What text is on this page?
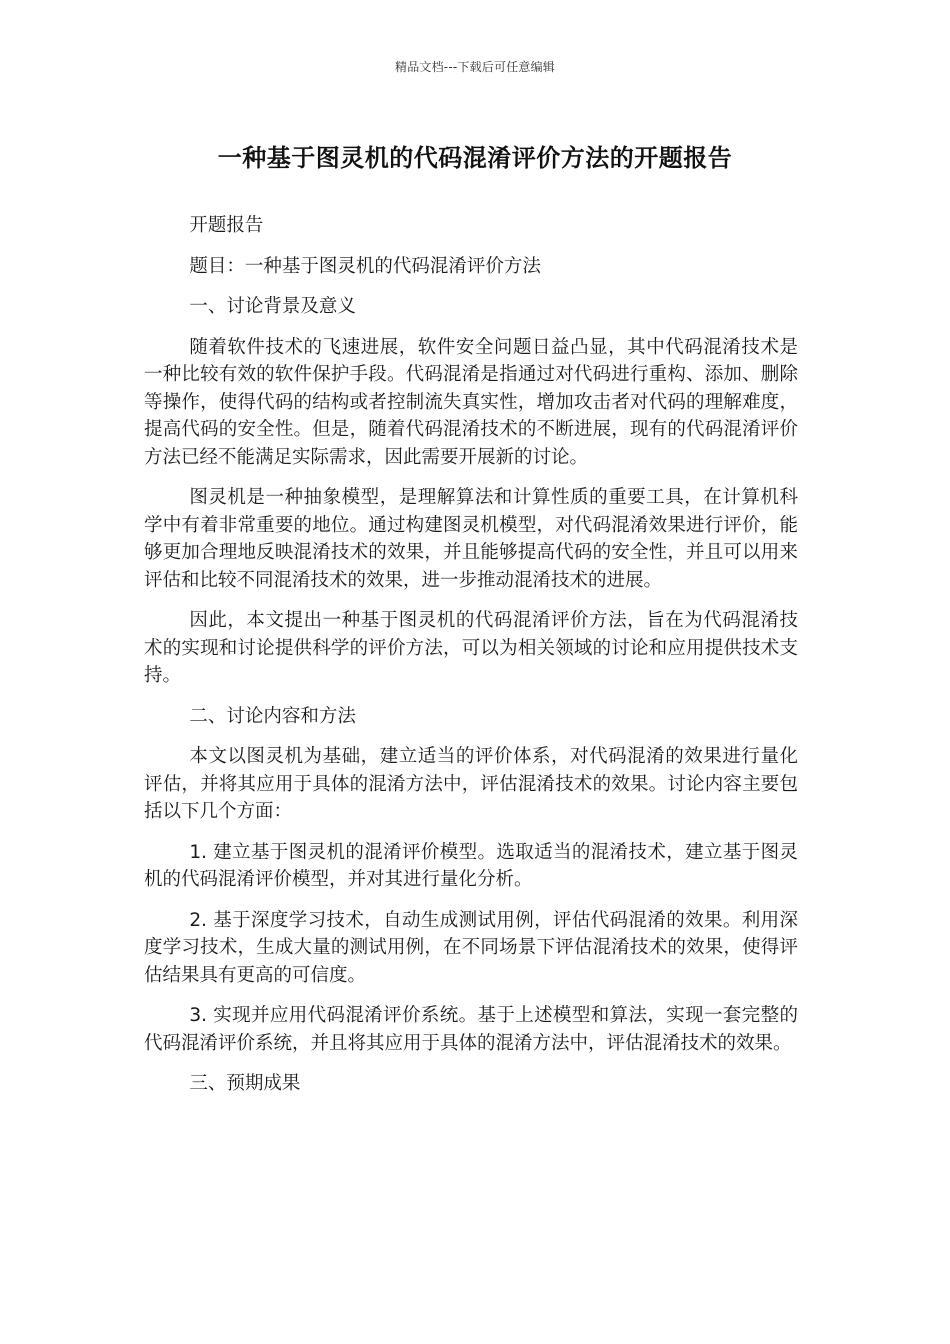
精品文档---下载后可任意编辑
一种基于图灵机的代码混淆评价方法的开题报告

开题报告

题目：一种基于图灵机的代码混淆评价方法

一、讨论背景及意义

随着软件技术的飞速进展，软件安全问题日益凸显，其中代码混淆技术是一种比较有效的软件保护手段。代码混淆是指通过对代码进行重构、添加、删除等操作，使得代码的结构或者控制流失真实性，增加攻击者对代码的理解难度，提高代码的安全性。但是，随着代码混淆技术的不断进展，现有的代码混淆评价方法已经不能满足实际需求，因此需要开展新的讨论。

图灵机是一种抽象模型，是理解算法和计算性质的重要工具，在计算机科学中有着非常重要的地位。通过构建图灵机模型，对代码混淆效果进行评价，能够更加合理地反映混淆技术的效果，并且能够提高代码的安全性，并且可以用来评估和比较不同混淆技术的效果，进一步推动混淆技术的进展。

因此，本文提出一种基于图灵机的代码混淆评价方法，旨在为代码混淆技术的实现和讨论提供科学的评价方法，可以为相关领域的讨论和应用提供技术支持。

二、讨论内容和方法

本文以图灵机为基础，建立适当的评价体系，对代码混淆的效果进行量化评估，并将其应用于具体的混淆方法中，评估混淆技术的效果。讨论内容主要包括以下几个方面：

1. 建立基于图灵机的混淆评价模型。选取适当的混淆技术，建立基于图灵机的代码混淆评价模型，并对其进行量化分析。

2. 基于深度学习技术，自动生成测试用例，评估代码混淆的效果。利用深度学习技术，生成大量的测试用例，在不同场景下评估混淆技术的效果，使得评估结果具有更高的可信度。

3. 实现并应用代码混淆评价系统。基于上述模型和算法，实现一套完整的代码混淆评价系统，并且将其应用于具体的混淆方法中，评估混淆技术的效果。

三、预期成果
